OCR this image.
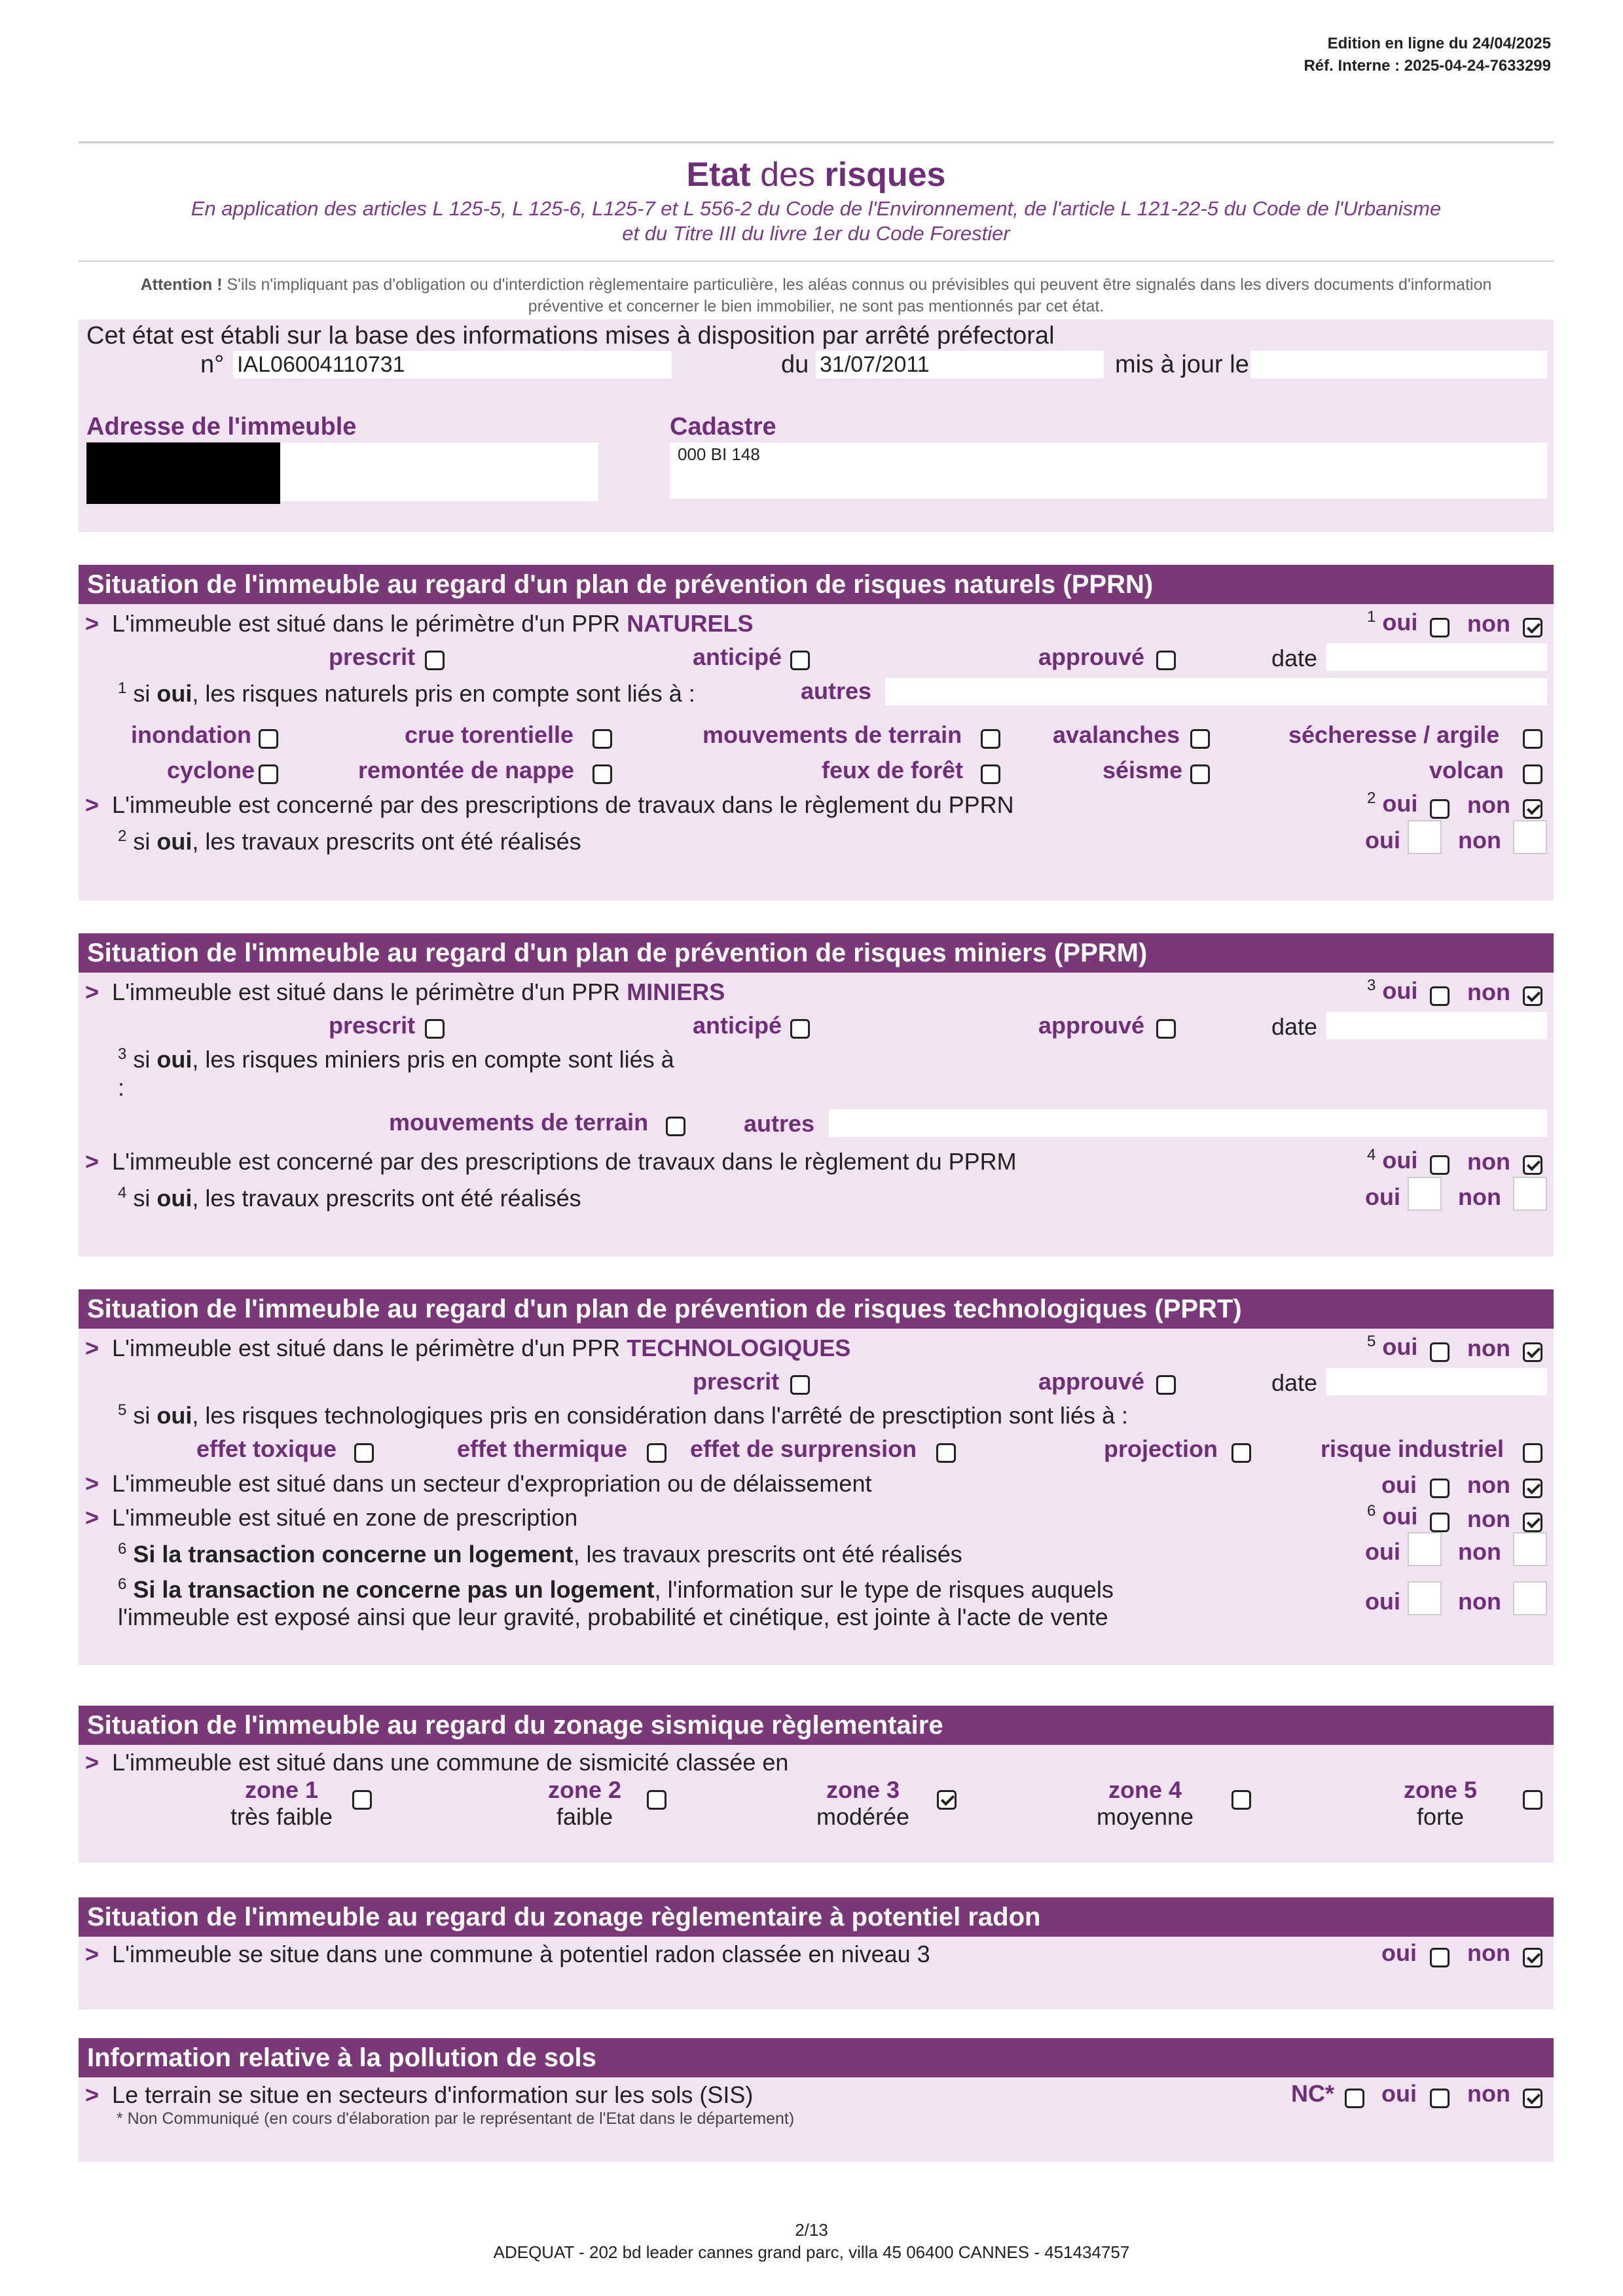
Edition en ligne du 24/04/2025
Réf. Interne : 2025-04-24-7633299
Etat des risques
En application des articles L 125-5, L 125-6, L125-7 et L 556-2 du Code de l'Environnement, de l'article L 121-22-5 du Code de l'Urbanisme
et du Titre III du livre 1er du Code Forestier
Attention ! S'ils n'impliquant pas d'obligation ou d'interdiction règlementaire particulière, les aléas connus ou prévisibles qui peuvent être signalés dans les divers documents d'information
préventive et concerner le bien immobilier, ne sont pas mentionnés par cet état.
Cet état est établi sur la base des informations mises à disposition par arrêté préfectoral
n° IAL06004110731	du 31/07/2011	mis à jour le
Adresse de l'immeuble	Cadastre
000 BI 148
Situation de l'immeuble au regard d'un plan de prévention de risques naturels (PPRN)
> L'immeuble est situé dans le périmètre d'un PPR NATURELS	$^1$ oui non
prescrit	anticipé	approuvé	date
$^1$ si oui, les risques naturels pris en compte sont liés à :	autres
inondation	crue torentielle	mouvements de terrain	avalanches	sécheresse / argile
cyclone	remontée de nappe	feux de forêt	séisme	volcan
> L'immeuble est concerné par des prescriptions de travaux dans le règlement du PPRN	$^2$ oui non
$^2$ si oui, les travaux prescrits ont été réalisés	oui non
Situation de l'immeuble au regard d'un plan de prévention de risques miniers (PPRM)
> L'immeuble est situé dans le périmètre d'un PPR MINIERS	$^3$ oui non
prescrit	anticipé	approuvé	date
$^3$ si oui, les risques miniers pris en compte sont liés à
:
mouvements de terrain	autres
> L'immeuble est concerné par des prescriptions de travaux dans le règlement du PPRM	$^4$ oui non
$^4$ si oui, les travaux prescrits ont été réalisés	oui non
Situation de l'immeuble au regard d'un plan de prévention de risques technologiques (PPRT)
> L'immeuble est situé dans le périmètre d'un PPR TECHNOLOGIQUES	$^5$ oui non
prescrit	approuvé	date
$^5$ si oui, les risques technologiques pris en considération dans l'arrêté de presctiption sont liés à :
effet toxique	effet thermique	effet de surprension	projection	risque industriel
> L'immeuble est situé dans un secteur d'expropriation ou de délaissement	oui non
> L'immeuble est situé en zone de prescription	$^6$ oui non
$^6$ Si la transaction concerne un logement, les travaux prescrits ont été réalisés	oui non
$^6$ Si la transaction ne concerne pas un logement, l'information sur le type de risques auquels
l'immeuble est exposé ainsi que leur gravité, probabilité et cinétique, est jointe à l'acte de vente
oui non
Situation de l'immeuble au regard du zonage sismique règlementaire
> L'immeuble est situé dans une commune de sismicité classée en
zone 1
très faible
zone 2
faible
zone 3
modérée
zone 4
moyenne
zone 5
forte
Situation de l'immeuble au regard du zonage règlementaire à potentiel radon
> L'immeuble se situe dans une commune à potentiel radon classée en niveau 3	oui non
Information relative à la pollution de sols
> Le terrain se situe en secteurs d'information sur les sols (SIS)
* Non Communiqué (en cours d'élaboration par le représentant de l'Etat dans le département)
NC* oui non
2/13
ADEQUAT - 202 bd leader cannes grand parc, villa 45 06400 CANNES - 451434757
